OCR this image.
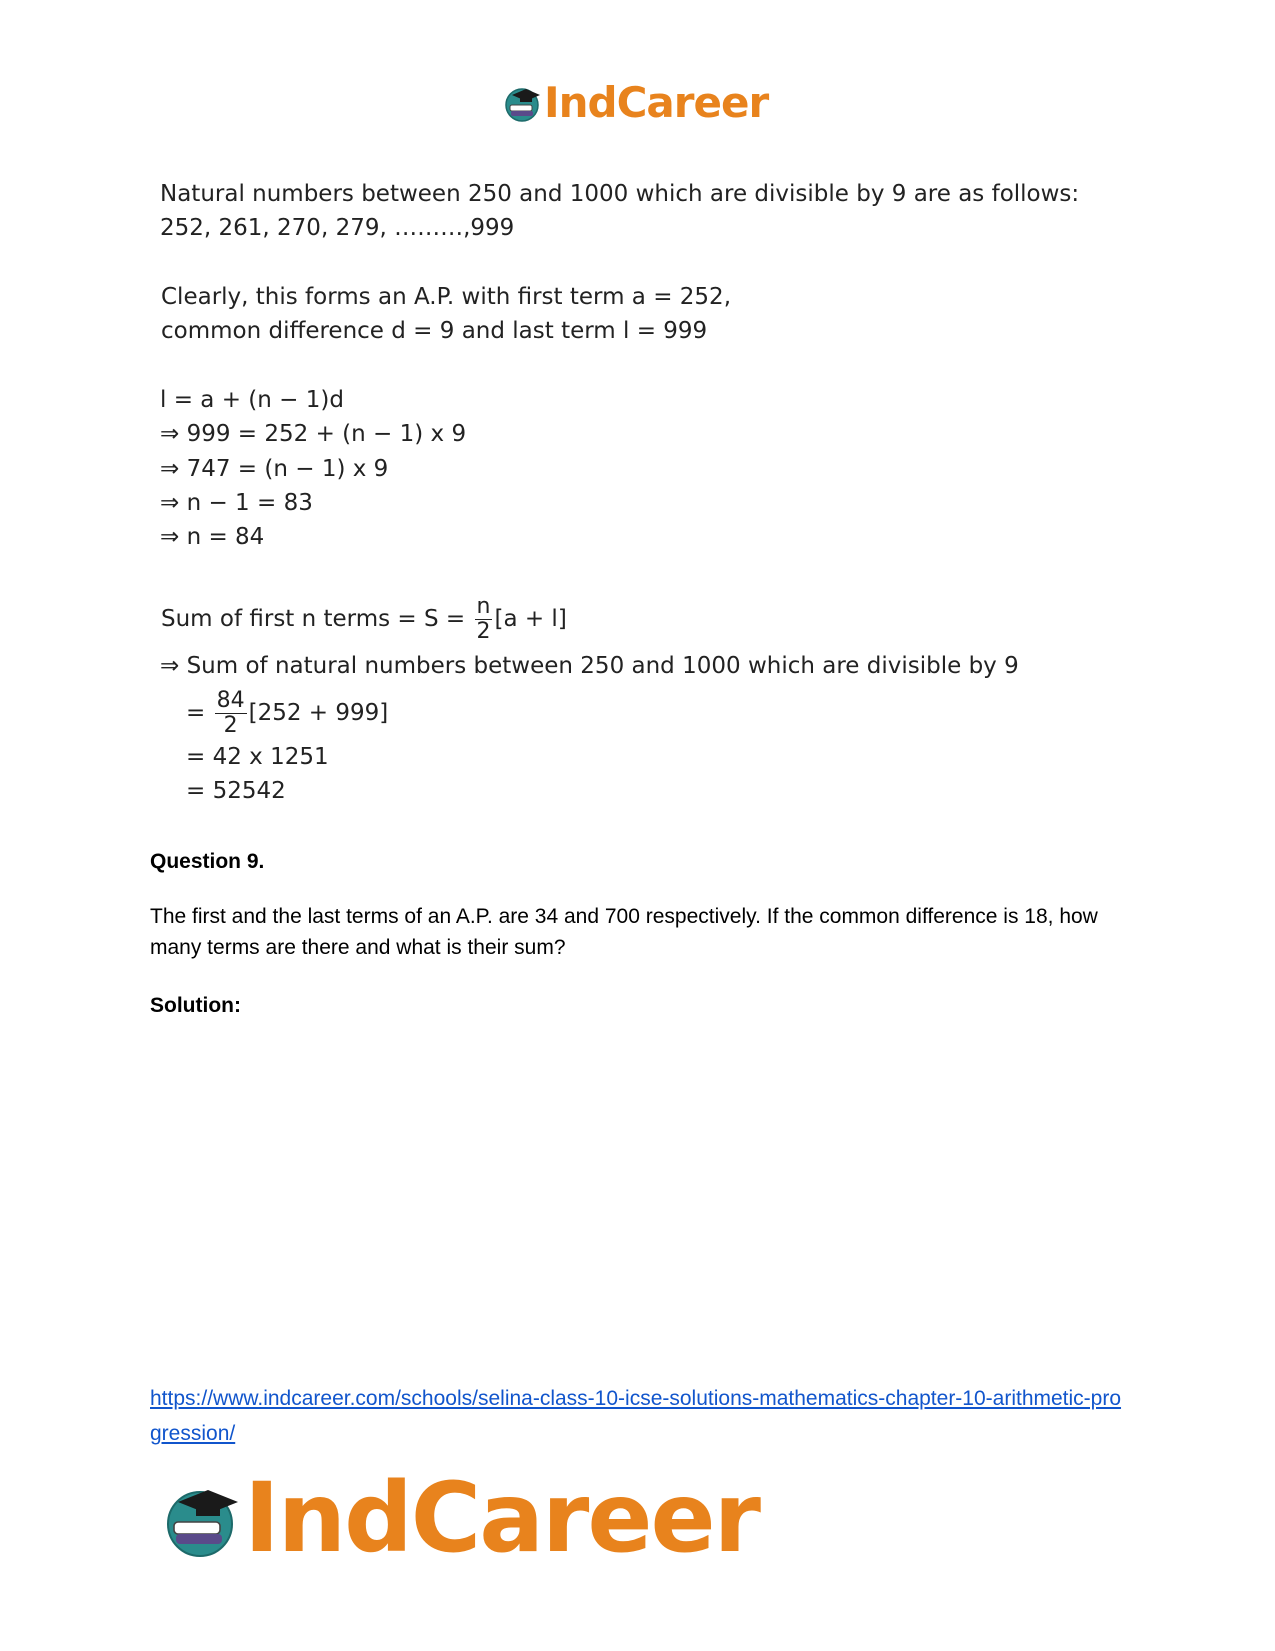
IndCareer
Natural numbers between 250 and 1000 which are divisible by 9 are as follows:
252, 261, 270, 279, ………,999
Clearly, this forms an A.P. with first term a = 252,
common difference d = 9 and last term l = 999
l = a + (n − 1)d
⇒ 999 = 252 + (n − 1) x 9
⇒ 747 = (n − 1) x 9
⇒ n − 1 = 83
⇒ n = 84
Sum of first n terms = $S = \frac{n}{2} [a + l]$
⇒ Sum of natural numbers between 250 and 1000 which are divisible by 9
= $\frac{84}{2} [252 + 999]$
= 42 x 1251
= 52542
Question 9.
The first and the last terms of an A.P. are 34 and 700 respectively. If the common difference is 18, how many terms are there and what is their sum?
Solution:
https://www.indcareer.com/schools/selina-class-10-icse-solutions-mathematics-chapter-10-arithmetic-progression/
IndCareer
